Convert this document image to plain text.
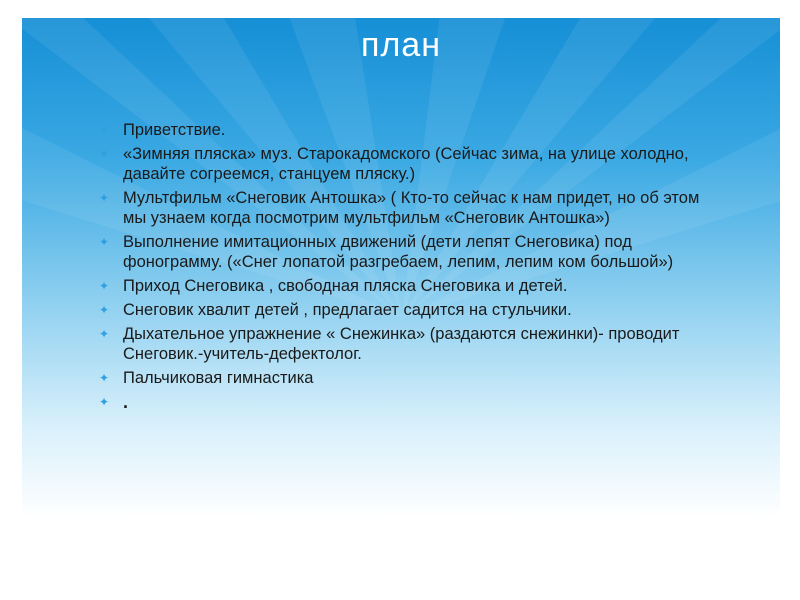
план
✦ Приветствие.
✦ «Зимняя пляска» муз. Старокадомского (Сейчас зима, на улице холодно, давайте согреемся, станцуем пляску.)
✦ Мультфильм «Снеговик Антошка» ( Кто-то сейчас к нам придет, но об этом мы узнаем когда посмотрим мультфильм «Снеговик Антошка»)
✦ Выполнение имитационных движений (дети лепят Снеговика) под фонограмму. («Снег лопатой разгребаем, лепим, лепим ком большой»)
✦ Приход Снеговика , свободная пляска Снеговика и детей.
✦ Снеговик хвалит детей , предлагает садится на стульчики.
✦ Дыхательное упражнение « Снежинка» (раздаются снежинки)- проводит Снеговик.-учитель-дефектолог.
✦ Пальчиковая гимнастика
✦ .
